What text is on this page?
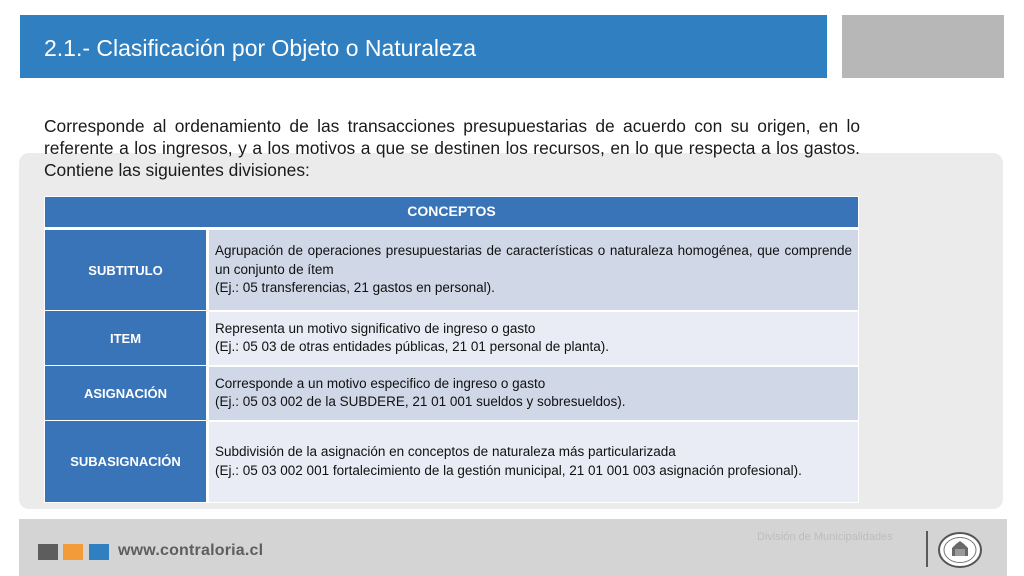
2.1.- Clasificación por Objeto o Naturaleza

Corresponde al ordenamiento de las transacciones presupuestarias de acuerdo con su origen, en lo referente a los ingresos, y a los motivos a que se destinen los recursos, en lo que respecta a los gastos. Contiene las siguientes divisiones:

CONCEPTOS	
SUBTITULO	Agrupación de operaciones presupuestarias de características o naturaleza homogénea, que comprende un conjunto de ítem
(Ej.: 05 transferencias, 21 gastos en personal).

ITEM	Representa un motivo significativo de ingreso o gasto
(Ej.: 05 03 de otras entidades públicas, 21 01 personal de planta).

ASIGNACIÓN	Corresponde a un motivo especifico de ingreso o gasto
(Ej.: 05 03 002 de la SUBDERE, 21 01 001 sueldos y sobresueldos).

SUBASIGNACIÓN	Subdivisión de la asignación en conceptos de naturaleza más particularizada
(Ej.: 05 03 002 001 fortalecimiento de la gestión municipal, 21 01 001 003 asignación profesional).
www.contraloria.cl
División de Municipalidades
